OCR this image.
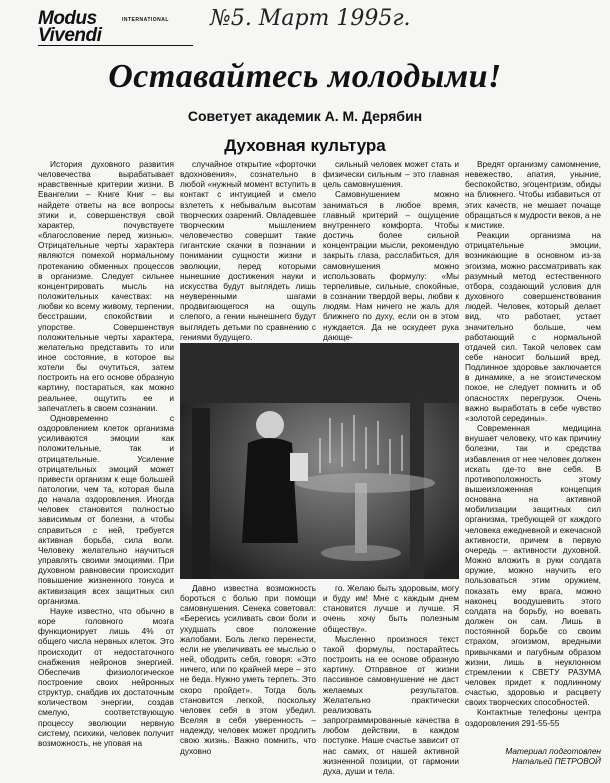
Modus	INTERNATIONAL
Vivendi
№5. Март 1995г.
Оставайтесь молодыми!
Советует академик А. М. Дерябин
Духовная культура

История духовного развития человечества вырабатывает нравственные критерии жизни. В Евангелии – Книге Книг – вы найдете ответы на все вопросы этики и, совершенствуя свой характер, почувствуете «благословение перед жизнью». Отрицательные черты характера являются помехой нормальному протеканию обменных процессов в организме. Следует сильнее концентрировать мысль на положительных качествах: на любви ко всему живому, терпении, бесстрашии, спокойствии и упорстве. Совершенствуя положительные черты характера, желательно представить то или иное состояние, в которое вы хотели бы очутиться, затем построить на его основе образную картину, постараться, как можно реальнее, ощутить ее и запечатлеть в своем сознании.

Одновременно с оздоровлением клеток организма усиливаются эмоции как положительные, так и отрицательные. Усиление отрицательных эмоций может привести организм к еще большей патологии, чем та, которая была до начала оздоровления. Иногда человек становится полностью зависимым от болезни, а чтобы справиться с ней, требуется активная борьба, сила воли. Человеку желательно научиться управлять своими эмоциями. При духовном равновесии происходит повышение жизненного тонуса и активизация всех защитных сил организма.

Науке известно, что обычно в коре головного мозга функционирует лишь 4% от общего числа нервных клеток. Это происходит от недостаточного снабжения нейронов энергией. Обеспечив физиологическое построение своих нейронных структур, снабдив их достаточным количеством энергии, создав смелую, соответствующую процессу эволюции нервную систему, психики, человек получит возможность, не уповая на

случайное открытие «форточки вдохновения», сознательно в любой «нужный момент вступить в контакт с интуицией и смело взлететь к небывалым высотам творческих озарений. Овладевшее творческим мышлением человечество совершит такие гигантские скачки в познании и понимании сущности жизни и эволюции, перед которыми нынешние достижения науки и искусства будут выглядеть лишь неуверенными шагами продвигающегося на ощупь слепого, а гении нынешнего будут выглядеть детьми по сравнению с гениями будущего.

сильный человек может стать и физически сильным – это главная цель самовнушения.

Самовнушением можно заниматься в любое время, главный критерий – ощущение внутреннего комфорта. Чтобы достичь более сильной концентрации мысли, рекомендую закрыть глаза, расслабиться, для самовнушения можно использовать формулу: «Мы терпеливые, сильные, спокойные, в сознании твердой веры, любви к людям. Нам ничего не жаль для ближнего по духу, если он в этом нуждается. Да не оскудеет рука дающе-

Вредят организму самомнение, невежество, апатия, уныние, беспокойство, эгоцентризм, обиды на ближнего. Чтобы избавиться от этих качеств, не мешает почаще обращаться к мудрости веков, а не к мистике.

Реакции организма на отрицательные эмоции, возникающие в основном из-за эгоизма, можно рассматривать как разумный метод естественного отбора, создающий условия для духовного совершенствования людей. Человек, который делает вид, что работает, устает значительно больше, чем работающий с нормальной отдачей сил. Такой человек сам себе наносит больший вред. Подлинное здоровье заключается в динамике, а не эгоистическом покое, не следует помнить и об опасностях перегрузок. Очень важно выработать в себе чувство «золотой середины».

Современная медицина внушает человеку, что как причину болезни, так и средства избавления от нее человек должен искать где-то вне себя. В противоположность этому вышеизложенная концепция основана на активной мобилизации защитных сил организма, требующей от каждого человека ежедневной и ежечасной активности, причем в первую очередь – активности духовной. Можно вложить в руки солдата оружие, можно научить его пользоваться этим оружием, показать ему врага, можно наконец воодушевить этого солдата на борьбу, но воевать должен он сам. Лишь в постоянной борьбе со своим страхом, эгоизмом, вредными привычками и пагубным образом жизни, лишь в неуклонном стремлении к СВЕТУ РАЗУМА человек придет к подлинному счастью, здоровью и расцвету своих творческих способностей.

Контактные телефоны центра оздоровления 291-55-55

Давно известна возможность бороться с болью при помощи самовнушения. Сенека советовал: «Берегись усиливать свои боли и ухудшать свое положение жалобами. Боль легко перенести, если не увеличивать ее мыслью о ней, ободрить себя, говоря: «Это ничего, или по крайней мере – это не беда. Нужно уметь терпеть. Это скоро пройдет». Тогда боль становится легкой, поскольку человек себя в этом убедил. Вселяя в себя уверенность – надежду, человек может продлить свою жизнь. Важно помнить, что духовно

го. Желаю быть здоровым, могу и буду им! Мне с каждым днем становится лучше и лучше. Я очень хочу быть полезным обществу».

Мысленно произнося текст такой формулы, постарайтесь построить на ее основе образную картину. Отправное от жизни пассивное самовнушение не даст желаемых результатов. Желательно практически реализовать запрограммированные качества в любом действии, в каждом поступке. Наше счастье зависит от нас самих, от нашей активной жизненной позиции, от гармонии духа, души и тела.

Материал подготовлен Натальей ПЕТРОВОЙ
